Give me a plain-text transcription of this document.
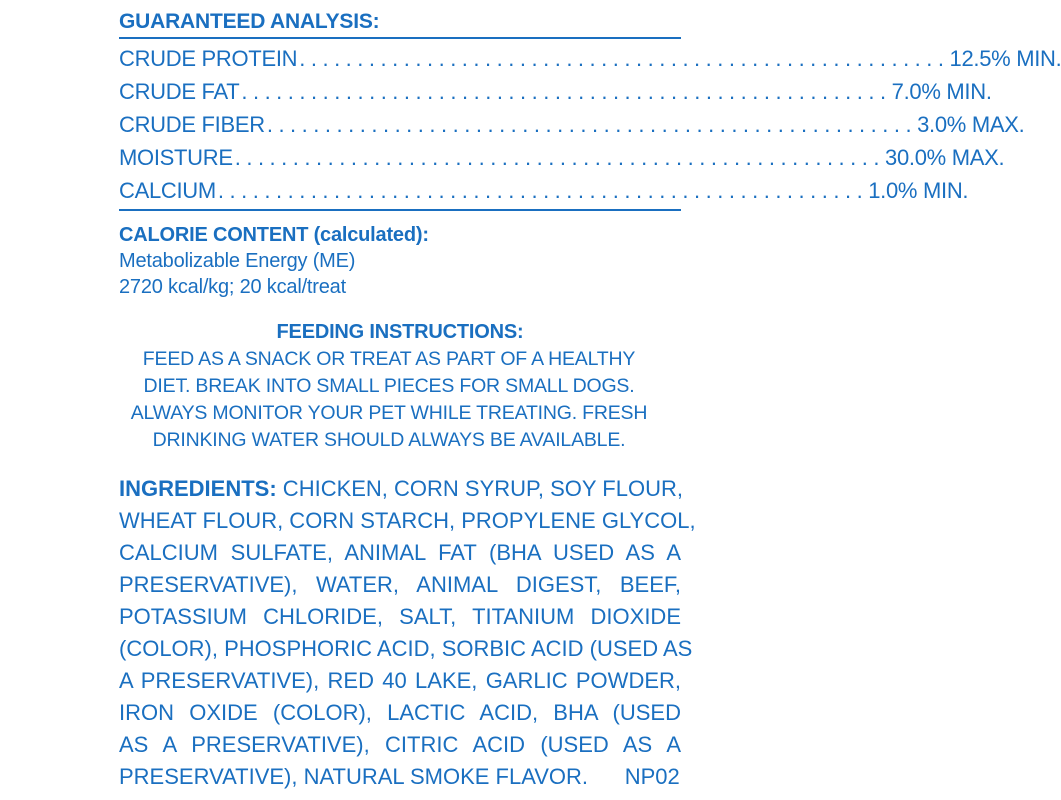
GUARANTEED ANALYSIS:
CRUDE PROTEIN ........................................................ 12.5% MIN.
CRUDE FAT ........................................................ 7.0% MIN.
CRUDE FIBER ........................................................ 3.0% MAX.
MOISTURE ........................................................ 30.0% MAX.
CALCIUM ........................................................ 1.0% MIN.
CALORIE CONTENT (calculated):
Metabolizable Energy (ME)
2720 kcal/kg; 20 kcal/treat
FEEDING INSTRUCTIONS:
FEED AS A SNACK OR TREAT AS PART OF A HEALTHY
DIET. BREAK INTO SMALL PIECES FOR SMALL DOGS.
ALWAYS MONITOR YOUR PET WHILE TREATING. FRESH
DRINKING WATER SHOULD ALWAYS BE AVAILABLE.
INGREDIENTS: CHICKEN, CORN SYRUP, SOY FLOUR,
WHEAT FLOUR, CORN STARCH, PROPYLENE GLYCOL,
CALCIUM SULFATE, ANIMAL FAT (BHA USED AS A
PRESERVATIVE), WATER, ANIMAL DIGEST, BEEF,
POTASSIUM CHLORIDE, SALT, TITANIUM DIOXIDE
(COLOR), PHOSPHORIC ACID, SORBIC ACID (USED AS
A PRESERVATIVE), RED 40 LAKE, GARLIC POWDER,
IRON OXIDE (COLOR), LACTIC ACID, BHA (USED
AS A PRESERVATIVE), CITRIC ACID (USED AS A
PRESERVATIVE), NATURAL SMOKE FLAVOR.      NP02
